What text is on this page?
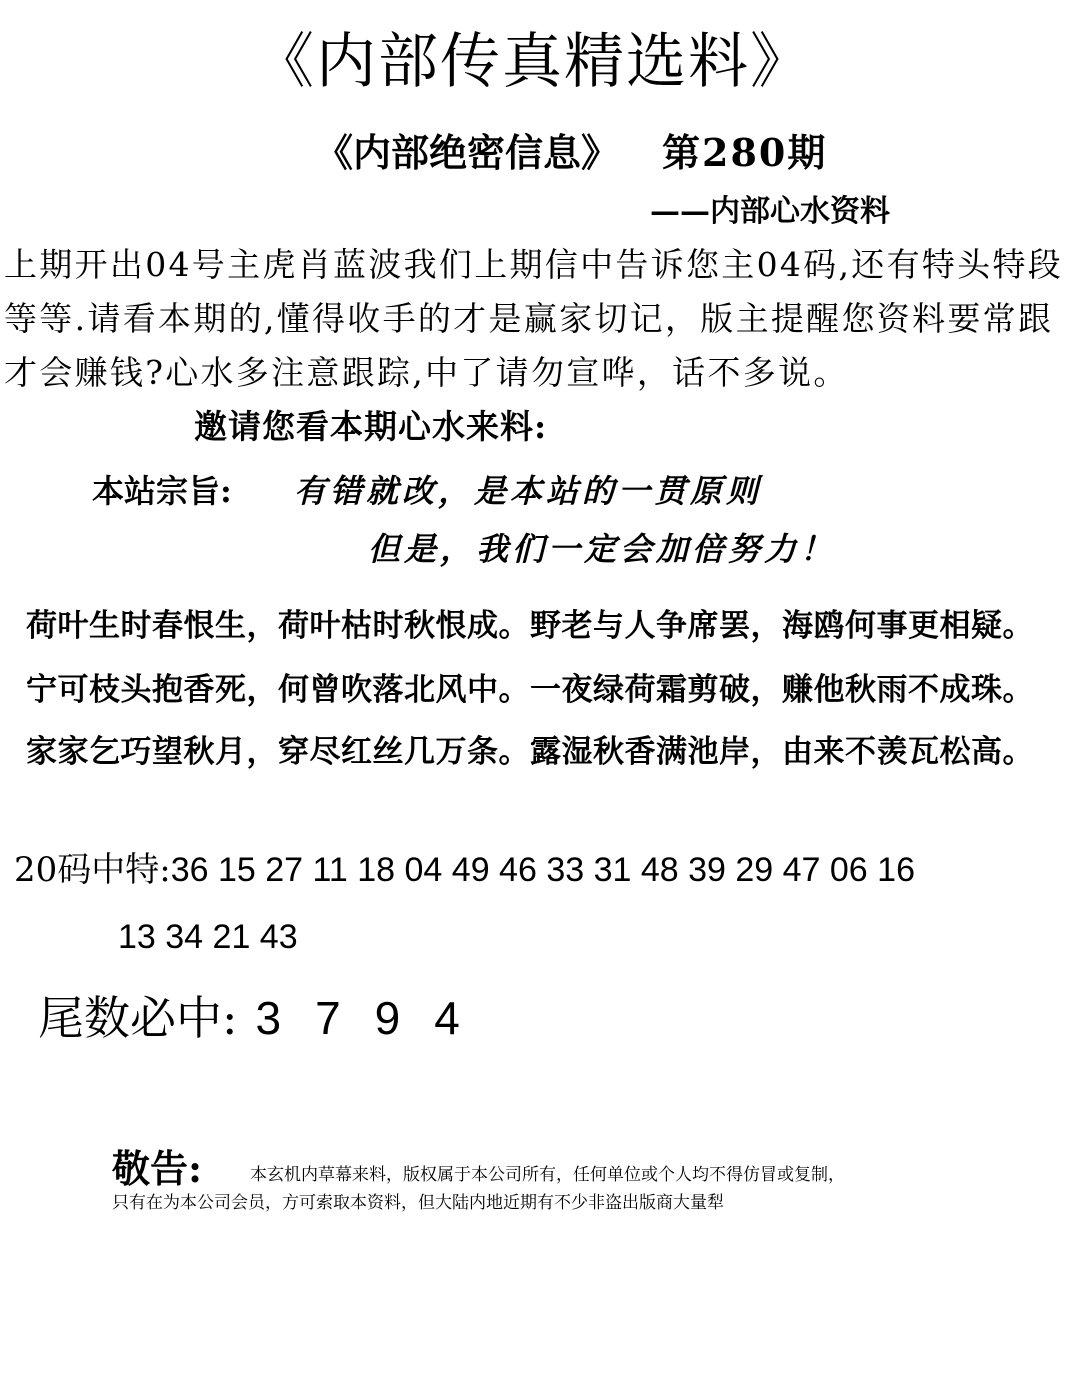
《内部传真精选料》
《内部绝密信息》 第280期
——内部心水资料
上期开出04号主虎肖蓝波我们上期信中告诉您主04码,还有特头特段等等.请看本期的,懂得收手的才是赢家切记，版主提醒您资料要常跟才会赚钱?心水多注意跟踪,中了请勿宣哗，话不多说。邀请您看本期心水来料:
本站宗旨: 有错就改，是本站的一贯原则
但是，我们一定会加倍努力！
荷叶生时春恨生，荷叶枯时秋恨成。野老与人争席罢，海鸥何事更相疑。
宁可枝头抱香死，何曾吹落北风中。一夜绿荷霜剪破，赚他秋雨不成珠。
家家乞巧望秋月，穿尽红丝几万条。露湿秋香满池岸，由来不羡瓦松高。
20码中特:36 15 27 11 18 04 49 46 33 31 48 39 29 47 06 16
13 34 21 43
尾数必中: 3794
敬告:	本玄机内草幕来料，版权属于本公司所有，任何单位或个人均不得仿冒或复制，
只有在为本公司会员，方可索取本资料，但大陆内地近期有不少非盗出版商大量犁
